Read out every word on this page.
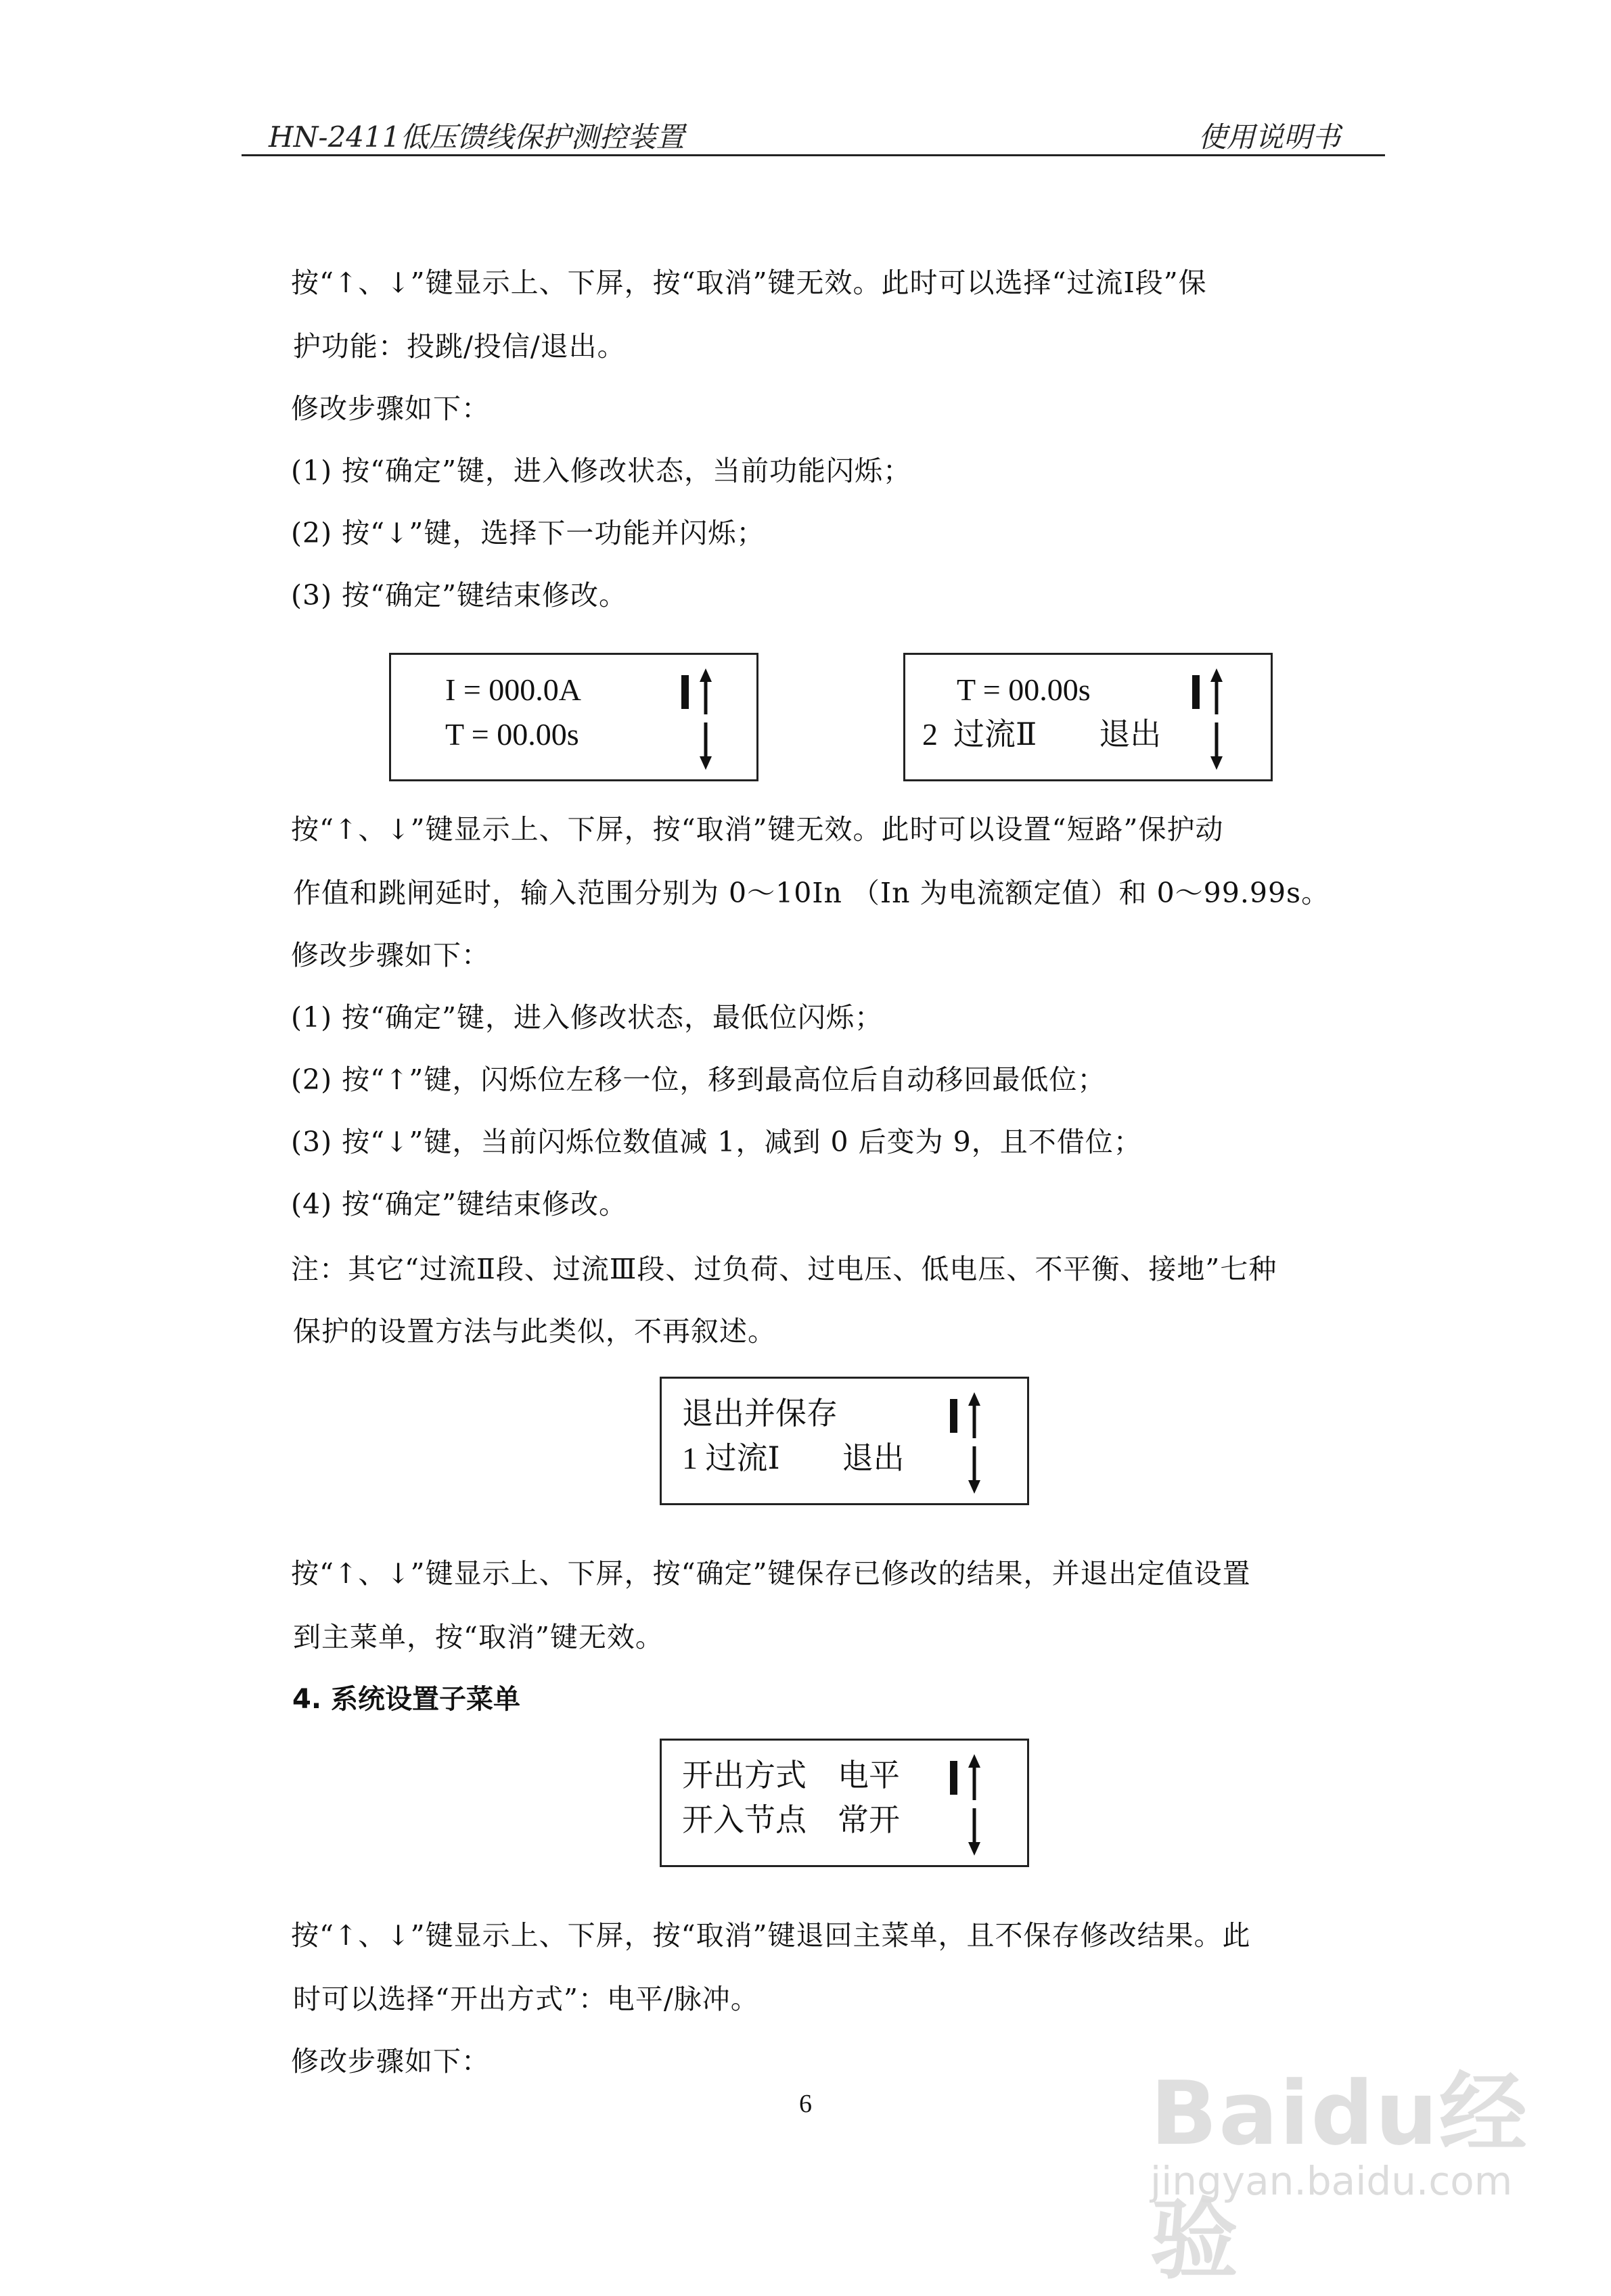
HN-2411低压馈线保护测控装置	使用说明书
按“↑、↓”键显示上、下屏，按“取消”键无效。此时可以选择“过流Ⅰ段”保
护功能：投跳/投信/退出。
修改步骤如下：
(1) 按“确定”键，进入修改状态，当前功能闪烁；
(2) 按“↓”键，选择下一功能并闪烁；
(3) 按“确定”键结束修改。
I = 000.0A
T = 00.00s
T = 00.00s
2  过流Ⅱ        退出
按“↑、↓”键显示上、下屏，按“取消”键无效。此时可以设置“短路”保护动
作值和跳闸延时，输入范围分别为 0～10In （In 为电流额定值）和 0～99.99s。
修改步骤如下：
(1) 按“确定”键，进入修改状态，最低位闪烁；
(2) 按“↑”键，闪烁位左移一位，移到最高位后自动移回最低位；
(3) 按“↓”键，当前闪烁位数值减 1，减到 0 后变为 9，且不借位；
(4) 按“确定”键结束修改。
注：其它“过流Ⅱ段、过流Ⅲ段、过负荷、过电压、低电压、不平衡、接地”七种
保护的设置方法与此类似，不再叙述。
退出并保存
1 过流Ⅰ        退出
按“↑、↓”键显示上、下屏，按“确定”键保存已修改的结果，并退出定值设置
到主菜单，按“取消”键无效。
4. 系统设置子菜单
开出方式    电平
开入节点    常开
按“↑、↓”键显示上、下屏，按“取消”键退回主菜单，且不保存修改结果。此
时可以选择“开出方式”：电平/脉冲。
修改步骤如下：
6	Baidu经验
jingyan.baidu.com
